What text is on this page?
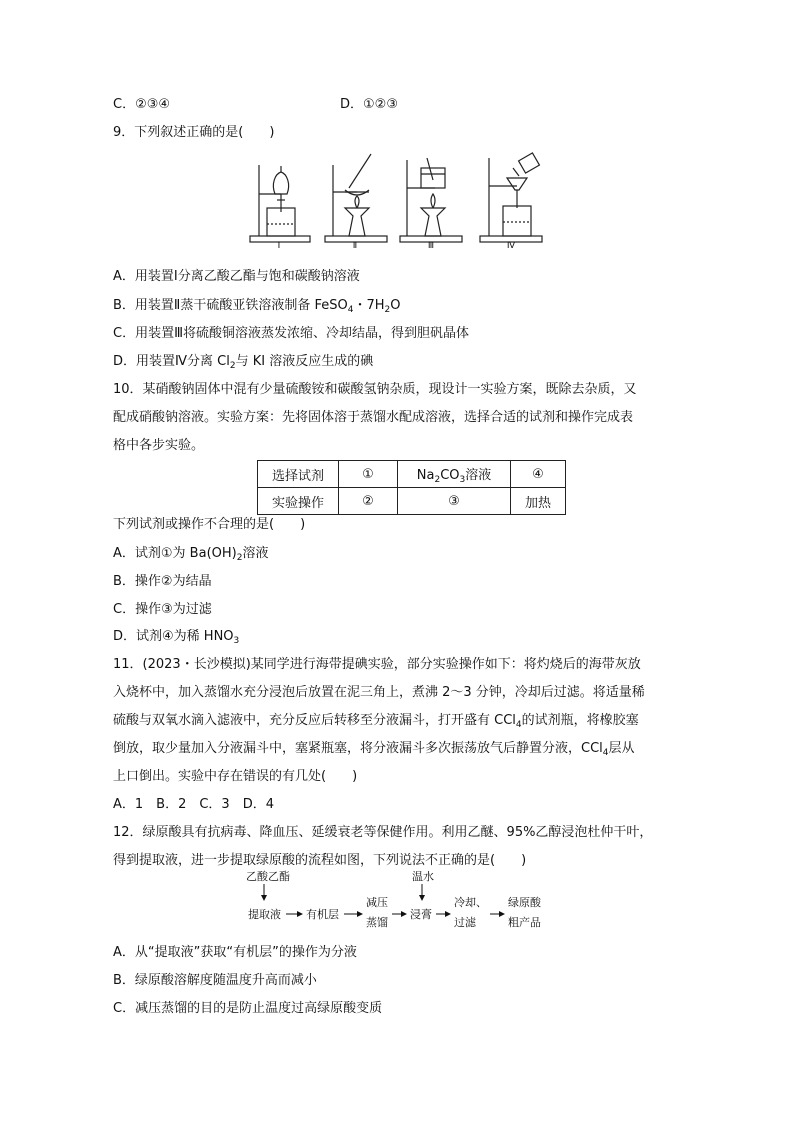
C．②③④	D．①②③
9．下列叙述正确的是(　　)
Ⅰ	Ⅱ	Ⅲ	Ⅳ
A．用装置Ⅰ分离乙酸乙酯与饱和碳酸钠溶液
B．用装置Ⅱ蒸干硫酸亚铁溶液制备 FeSO$_4$・$7H_2O$
C．用装置Ⅲ将硫酸铜溶液蒸发浓缩、冷却结晶，得到胆矾晶体
D．用装置Ⅳ分离 $Cl_2$与 KI 溶液反应生成的碘
10．某硝酸钠固体中混有少量硫酸铵和碳酸氢钠杂质，现设计一实验方案，既除去杂质，又
配成硝酸钠溶液。实验方案：先将固体溶于蒸馏水配成溶液，选择合适的试剂和操作完成表
格中各步实验。
选择试剂	①	$Na_2CO_3$溶液	④
实验操作	②	③	加热
下列试剂或操作不合理的是(　　)
A．试剂①为 $Ba(OH)_2$溶液
B．操作②为结晶
C．操作③为过滤
D．试剂④为稀 $HNO_3$
11．(2023・长沙模拟)某同学进行海带提碘实验，部分实验操作如下：将灼烧后的海带灰放
入烧杯中，加入蒸馏水充分浸泡后放置在泥三角上，煮沸 2～3 分钟，冷却后过滤。将适量稀
硫酸与双氧水滴入滤液中，充分反应后转移至分液漏斗，打开盛有 CCl$_4$的试剂瓶，将橡胶塞
倒放，取少量加入分液漏斗中，塞紧瓶塞，将分液漏斗多次振荡放气后静置分液，CCl$_4$层从
上口倒出。实验中存在错误的有几处(　　)
A．1　B．2　C．3　D．4
12．绿原酸具有抗病毒、降血压、延缓衰老等保健作用。利用乙醚、95%乙醇浸泡杜仲干叶，
得到提取液，进一步提取绿原酸的流程如图，下列说法不正确的是(　　)
乙酸乙酯	温水
提取液 有机层
减压
蒸馏
浸膏
冷却、
过滤
绿原酸
粗产品
A．从“提取液”获取“有机层”的操作为分液
B．绿原酸溶解度随温度升高而减小
C．减压蒸馏的目的是防止温度过高绿原酸变质
